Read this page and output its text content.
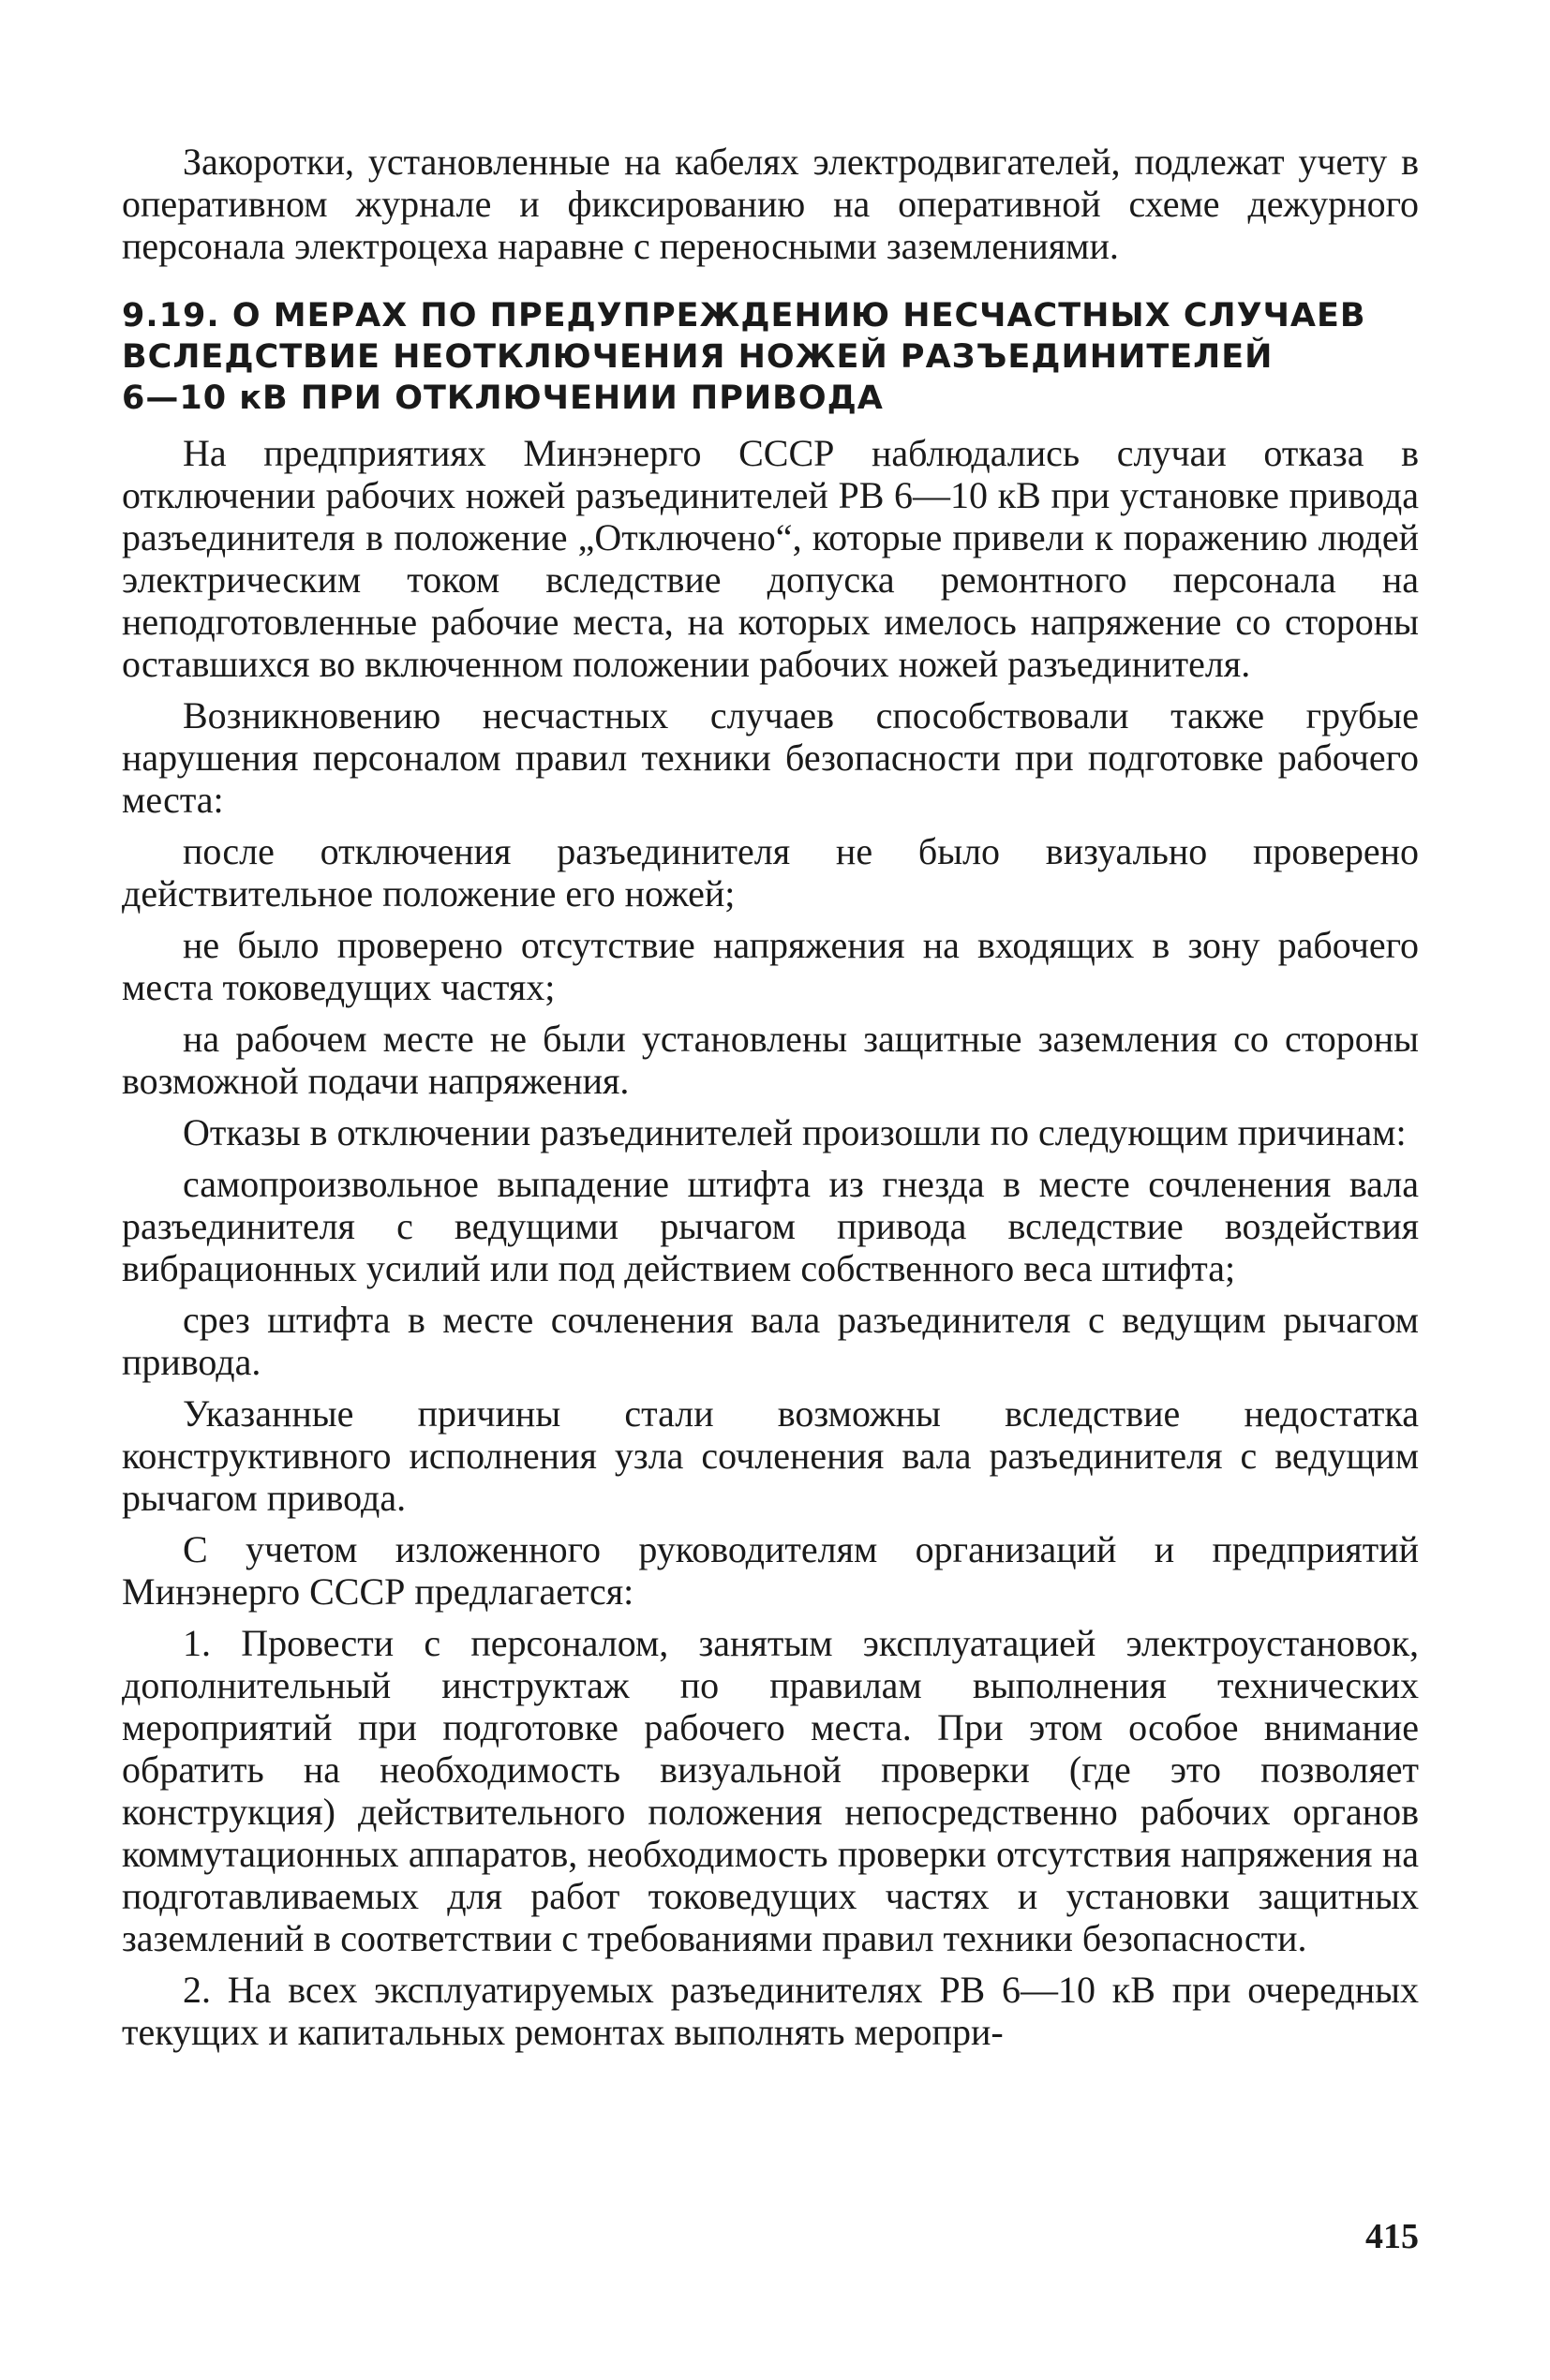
Закоротки, установленные на кабелях электродвигателей, подлежат учету в оперативном журнале и фиксированию на оперативной схеме дежурного персонала электроцеха наравне с переносными заземлениями.

9.19. О МЕРАХ ПО ПРЕДУПРЕЖДЕНИЮ НЕСЧАСТНЫХ СЛУЧАЕВ
ВСЛЕДСТВИЕ НЕОТКЛЮЧЕНИЯ НОЖЕЙ РАЗЪЕДИНИТЕЛЕЙ
6—10 кВ ПРИ ОТКЛЮЧЕНИИ ПРИВОДА

На предприятиях Минэнерго СССР наблюдались случаи отказа в отключении рабочих ножей разъединителей РВ 6—10 кВ при установке привода разъединителя в положение „Отключено“, которые привели к поражению людей электрическим током вследствие допуска ремонтного персонала на неподготовленные рабочие места, на которых имелось напряжение со стороны оставшихся во включенном положении рабочих ножей разъединителя.

Возникновению несчастных случаев способствовали также грубые нарушения персоналом правил техники безопасности при подготовке рабочего места:

после отключения разъединителя не было визуально проверено действительное положение его ножей;

не было проверено отсутствие напряжения на входящих в зону рабочего места токоведущих частях;

на рабочем месте не были установлены защитные заземления со стороны возможной подачи напряжения.

Отказы в отключении разъединителей произошли по следующим причинам:

самопроизвольное выпадение штифта из гнезда в месте сочленения вала разъединителя с ведущими рычагом привода вследствие воздействия вибрационных усилий или под действием собственного веса штифта;

срез штифта в месте сочленения вала разъединителя с ведущим рычагом привода.

Указанные причины стали возможны вследствие недостатка конструктивного исполнения узла сочленения вала разъединителя с ведущим рычагом привода.

С учетом изложенного руководителям организаций и предприятий Минэнерго СССР предлагается:

1. Провести с персоналом, занятым эксплуатацией электроустановок, дополнительный инструктаж по правилам выполнения технических мероприятий при подготовке рабочего места. При этом особое внимание обратить на необходимость визуальной проверки (где это позволяет конструкция) действительного положения непосредственно рабочих органов коммутационных аппаратов, необходимость проверки отсутствия напряжения на подготавливаемых для работ токоведущих частях и установки защитных заземлений в соответствии с требованиями правил техники безопасности.

2. На всех эксплуатируемых разъединителях РВ 6—10 кВ при очередных текущих и капитальных ремонтах выполнять меропри-

415
